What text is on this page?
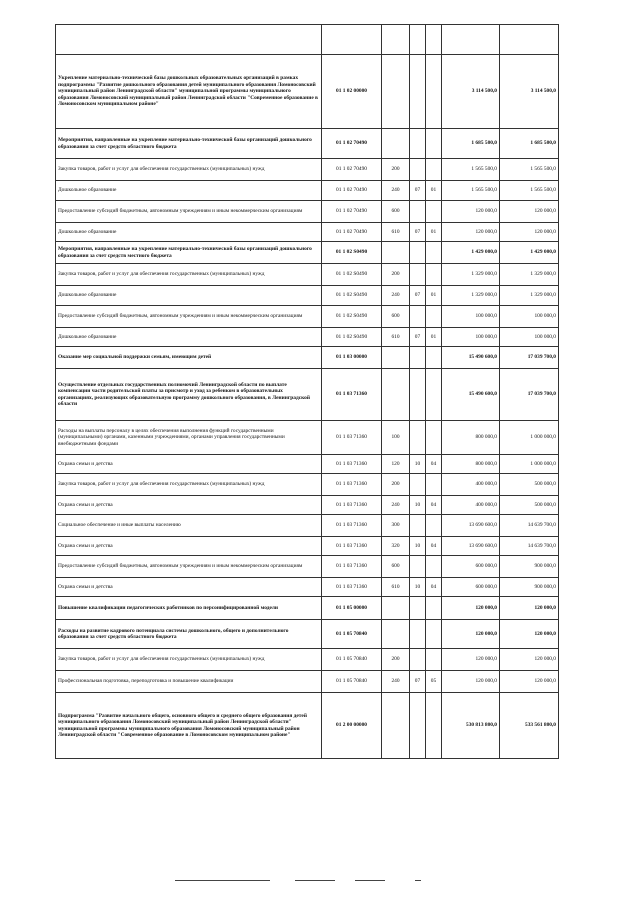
Укрепление материально-технической базы дошкольных образовательных организаций в рамках подпрограммы "Развитие дошкольного образования детей муниципального образования Ломоносовский муниципальный район Ленинградской области" муниципальной программы муниципального образования Ломоносовский муниципальный район Ленинградской области "Современное образование в Ломоносовском муниципальном районе"	01 1 02 00000				3 114 500,0	3 114 500,0
Мероприятия, направленные на укрепление материально-технической базы организаций дошкольного образования за счет средств областного бюджета	01 1 02 70490				1 685 500,0	1 685 500,0
Закупка товаров, работ и услуг для обеспечения государственных (муниципальных) нужд	01 1 02 70490	200			1 565 500,0	1 565 500,0
Дошкольное образование	01 1 02 70490	240	07	01	1 565 500,0	1 565 500,0
Предоставление субсидий бюджетным, автономным учреждениям и иным некоммерческим организациям	01 1 02 70490	600			120 000,0	120 000,0
Дошкольное образование	01 1 02 70490	610	07	01	120 000,0	120 000,0
Мероприятия, направленные на укрепление материально-технической базы организаций дошкольного образования за счет средств местного бюджета	01 1 02 S0490				1 429 000,0	1 429 000,0
Закупка товаров, работ и услуг для обеспечения государственных (муниципальных) нужд	01 1 02 S0490	200			1 329 000,0	1 329 000,0
Дошкольное образование	01 1 02 S0490	240	07	01	1 329 000,0	1 329 000,0
Предоставление субсидий бюджетным, автономным учреждениям и иным некоммерческим организациям	01 1 02 S0490	600			100 000,0	100 000,0
Дошкольное образование	01 1 02 S0490	610	07	01	100 000,0	100 000,0
Оказание мер социальной поддержки семьям, имеющим детей	01 1 03 00000				15 490 600,0	17 039 700,0
Осуществление отдельных государственных полномочий Ленинградской области по выплате компенсации части родительской платы за присмотр и уход за ребенком в образовательных организациях, реализующих образовательную программу дошкольного образования, в Ленинградской области	01 1 03 71360				15 490 600,0	17 039 700,0
Расходы на выплаты персоналу в целях обеспечения выполнения функций государственными (муниципальными) органами, казенными учреждениями, органами управления государственными внебюджетными фондами	01 1 03 71360	100			800 000,0	1 000 000,0
Охрана семьи и детства	01 1 03 71360	120	10	04	800 000,0	1 000 000,0
Закупка товаров, работ и услуг для обеспечения государственных (муниципальных) нужд	01 1 03 71360	200			400 000,0	500 000,0
Охрана семьи и детства	01 1 03 71360	240	10	04	400 000,0	500 000,0
Социальное обеспечение и иные выплаты населению	01 1 03 71360	300			13 690 600,0	14 639 700,0
Охрана семьи и детства	01 1 03 71360	320	10	04	13 690 600,0	14 639 700,0
Предоставление субсидий бюджетным, автономным учреждениям и иным некоммерческим организациям	01 1 03 71360	600			600 000,0	900 000,0
Охрана семьи и детства	01 1 03 71360	610	10	04	600 000,0	900 000,0
Повышение квалификации педагогических работников по персонифицированной модели	01 1 05 00000				120 000,0	120 000,0
Расходы на развитие кадрового потенциала системы дошкольного, общего и дополнительного образования за счет средств областного бюджета	01 1 05 70840				120 000,0	120 000,0
Закупка товаров, работ и услуг для обеспечения государственных (муниципальных) нужд	01 1 05 70840	200			120 000,0	120 000,0
Профессиональная подготовка, переподготовка и повышение квалификации	01 1 05 70840	240	07	05	120 000,0	120 000,0
Подпрограмма "Развитие начального общего, основного общего и среднего общего образования детей муниципального образования Ломоносовский муниципальный район Ленинградской области" муниципальной программы муниципального образования Ломоносовский муниципальный район Ленинградской области "Современное образование в Ломоносовском муниципальном районе"	01 2 00 00000				530 813 800,0	533 561 800,0
